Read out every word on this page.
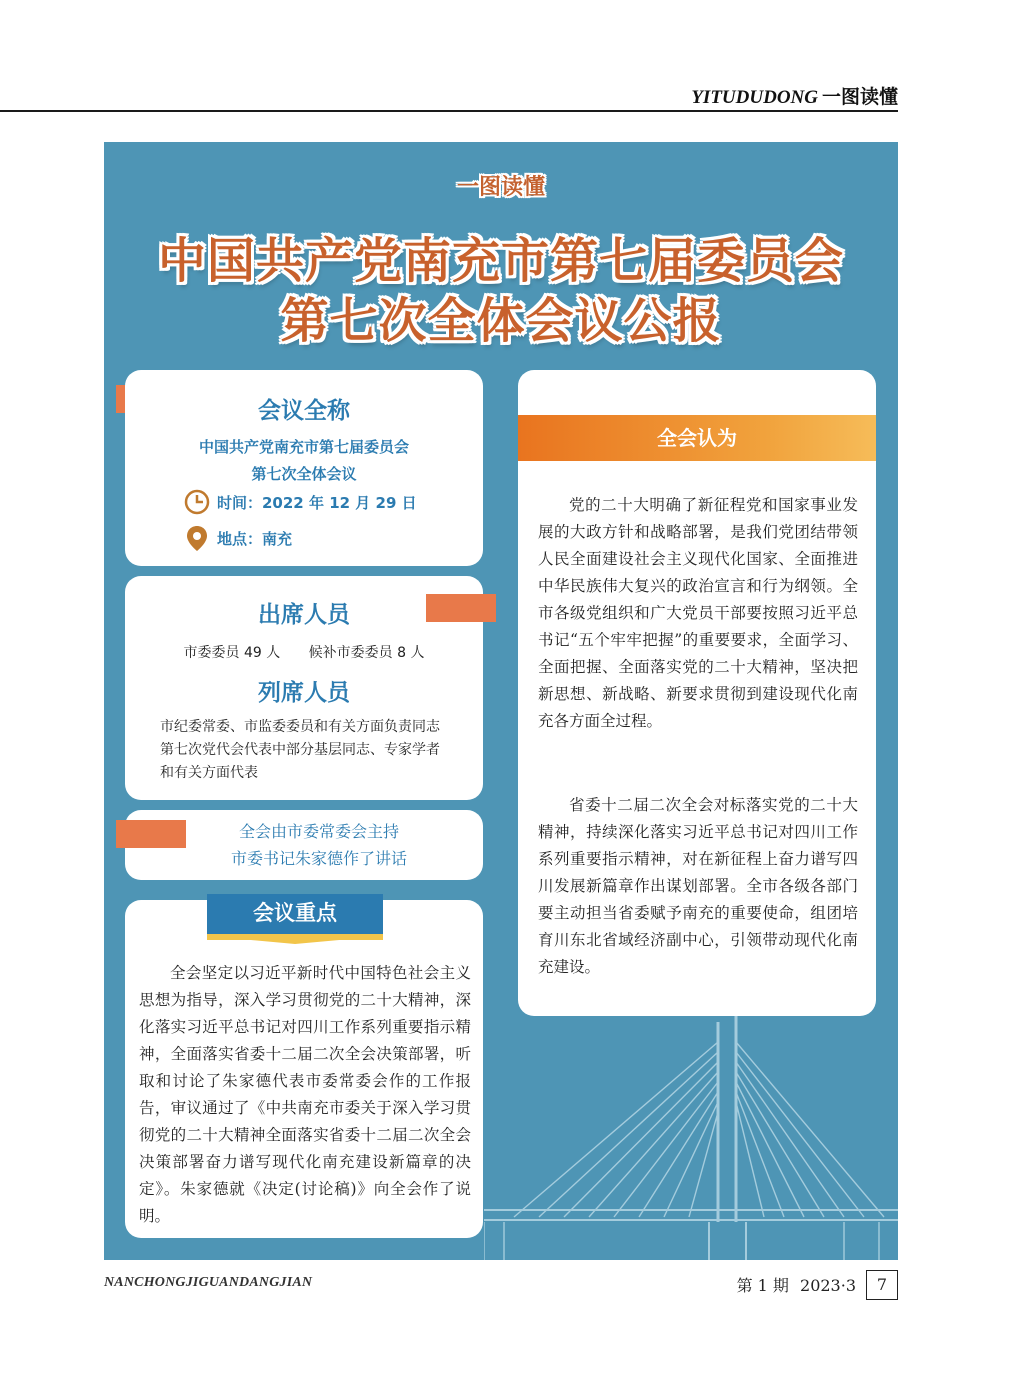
YITUDUDONG 一图读懂
一图读懂
中国共产党南充市第七届委员会
第七次全体会议公报
会议全称
中国共产党南充市第七届委员会
第七次全体会议
时间：2022 年 12 月 29 日
地点：南充
出席人员
市委委员 49 人 候补市委委员 8 人
列席人员
市纪委常委、市监委委员和有关方面负责同志
第七次党代会代表中部分基层同志、专家学者
和有关方面代表
全会由市委常委会主持
市委书记朱家德作了讲话
会议重点
全会坚定以习近平新时代中国特色社会主义思想为指导，深入学习贯彻党的二十大精神，深化落实习近平总书记对四川工作系列重要指示精神，全面落实省委十二届二次全会决策部署，听取和讨论了朱家德代表市委常委会作的工作报告，审议通过了《中共南充市委关于深入学习贯彻党的二十大精神全面落实省委十二届二次全会决策部署奋力谱写现代化南充建设新篇章的决定》。朱家德就《决定(讨论稿)》向全会作了说明。
全会认为
党的二十大明确了新征程党和国家事业发展的大政方针和战略部署，是我们党团结带领人民全面建设社会主义现代化国家、全面推进中华民族伟大复兴的政治宣言和行为纲领。全市各级党组织和广大党员干部要按照习近平总书记“五个牢牢把握”的重要要求，全面学习、全面把握、全面落实党的二十大精神，坚决把新思想、新战略、新要求贯彻到建设现代化南充各方面全过程。
省委十二届二次全会对标落实党的二十大精神，持续深化落实习近平总书记对四川工作系列重要指示精神，对在新征程上奋力谱写四川发展新篇章作出谋划部署。全市各级各部门要主动担当省委赋予南充的重要使命，组团培育川东北省域经济副中心，引领带动现代化南充建设。
NANCHONGJIGUANDANGJIAN	第 1 期 2023·3	7
